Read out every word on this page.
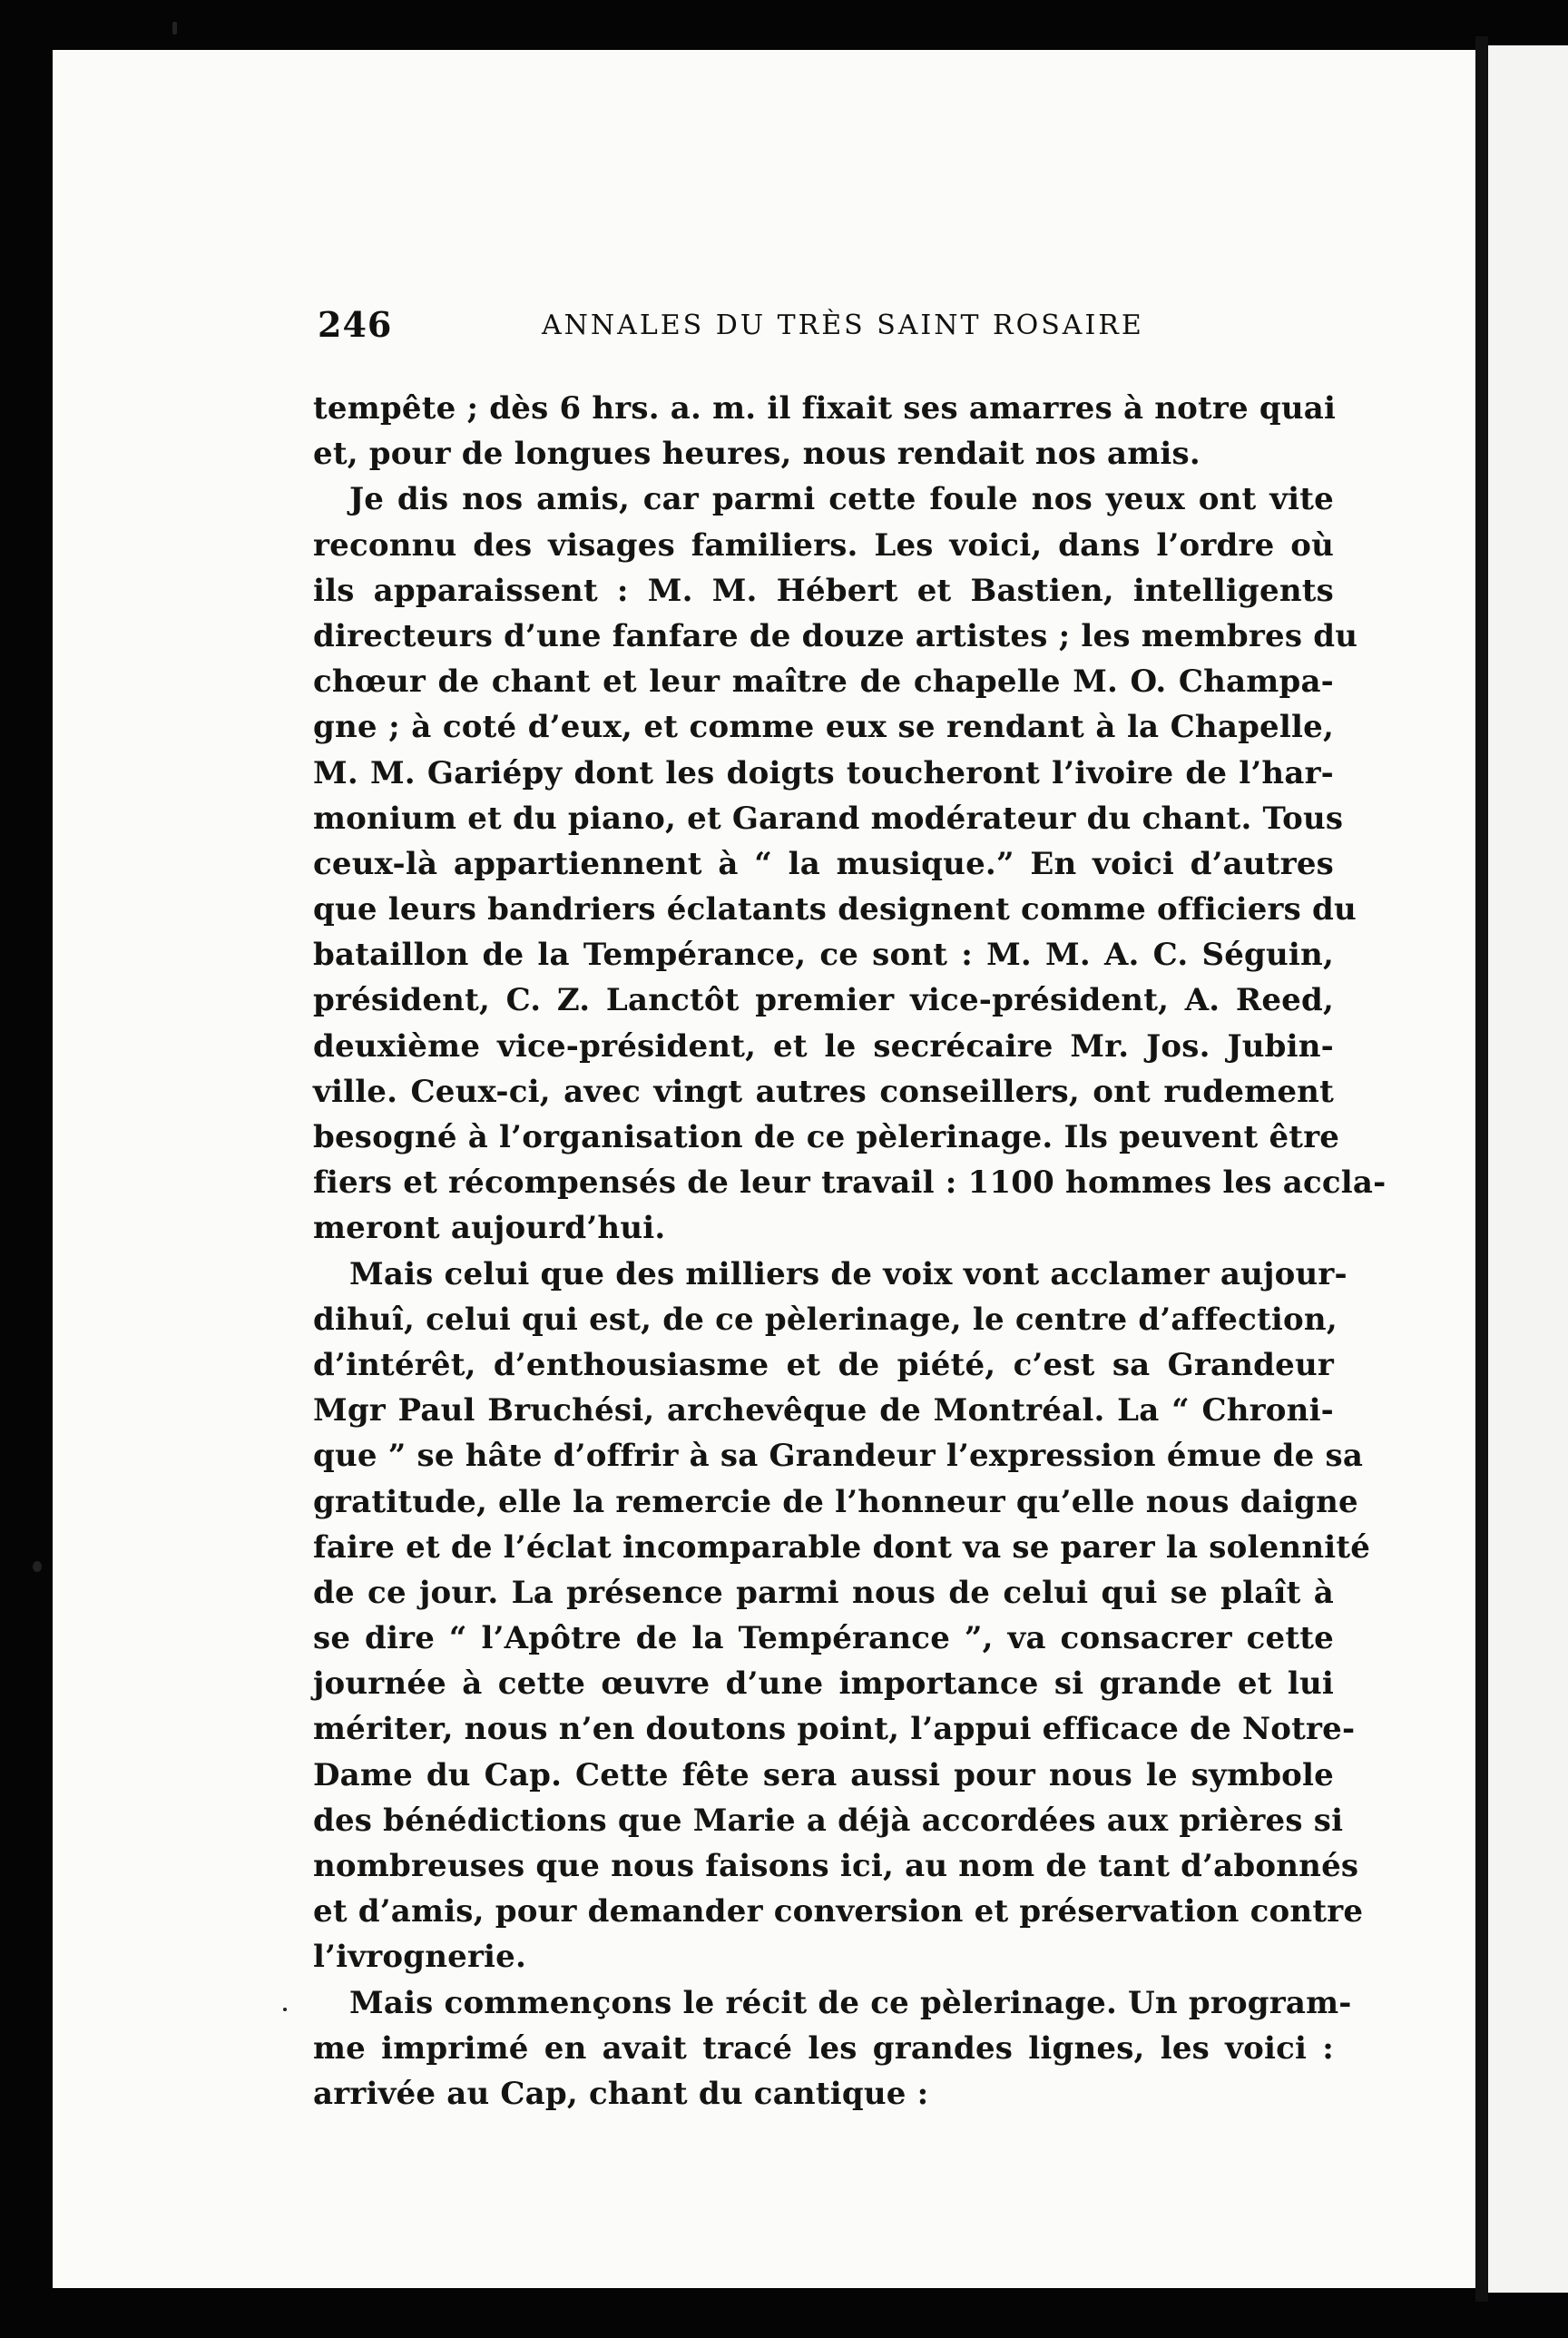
246	ANNALES DU TRÈS SAINT ROSAIRE
tempête ; dès 6 hrs. a. m. il fixait ses amarres à notre quai
et, pour de longues heures, nous rendait nos amis.
Je dis nos amis, car parmi cette foule nos yeux ont vite
reconnu des visages familiers. Les voici, dans l’ordre où
ils apparaissent : M. M. Hébert et Bastien, intelligents
directeurs d’une fanfare de douze artistes ; les membres du
chœur de chant et leur maître de chapelle M. O. Champa-
gne ; à coté d’eux, et comme eux se rendant à la Chapelle,
M. M. Gariépy dont les doigts toucheront l’ivoire de l’har-
monium et du piano, et Garand modérateur du chant. Tous
ceux-là appartiennent à “ la musique.” En voici d’autres
que leurs bandriers éclatants designent comme officiers du
bataillon de la Tempérance, ce sont : M. M. A. C. Séguin,
président, C. Z. Lanctôt premier vice-président, A. Reed,
deuxième vice-président, et le secrécaire Mr. Jos. Jubin-
ville. Ceux-ci, avec vingt autres conseillers, ont rudement
besogné à l’organisation de ce pèlerinage. Ils peuvent être
fiers et récompensés de leur travail : 1100 hommes les accla-
meront aujourd’hui.
Mais celui que des milliers de voix vont acclamer aujour-
dihuî, celui qui est, de ce pèlerinage, le centre d’affection,
d’intérêt, d’enthousiasme et de piété, c’est sa Grandeur
Mgr Paul Bruchési, archevêque de Montréal. La “ Chroni-
que ” se hâte d’offrir à sa Grandeur l’expression émue de sa
gratitude, elle la remercie de l’honneur qu’elle nous daigne
faire et de l’éclat incomparable dont va se parer la solennité
de ce jour. La présence parmi nous de celui qui se plaît à
se dire “ l’Apôtre de la Tempérance ”, va consacrer cette
journée à cette œuvre d’une importance si grande et lui
mériter, nous n’en doutons point, l’appui efficace de Notre-
Dame du Cap. Cette fête sera aussi pour nous le symbole
des bénédictions que Marie a déjà accordées aux prières si
nombreuses que nous faisons ici, au nom de tant d’abonnés
et d’amis, pour demander conversion et préservation contre
l’ivrognerie.
Mais commençons le récit de ce pèlerinage. Un program-
me imprimé en avait tracé les grandes lignes, les voici :
arrivée au Cap, chant du cantique :
